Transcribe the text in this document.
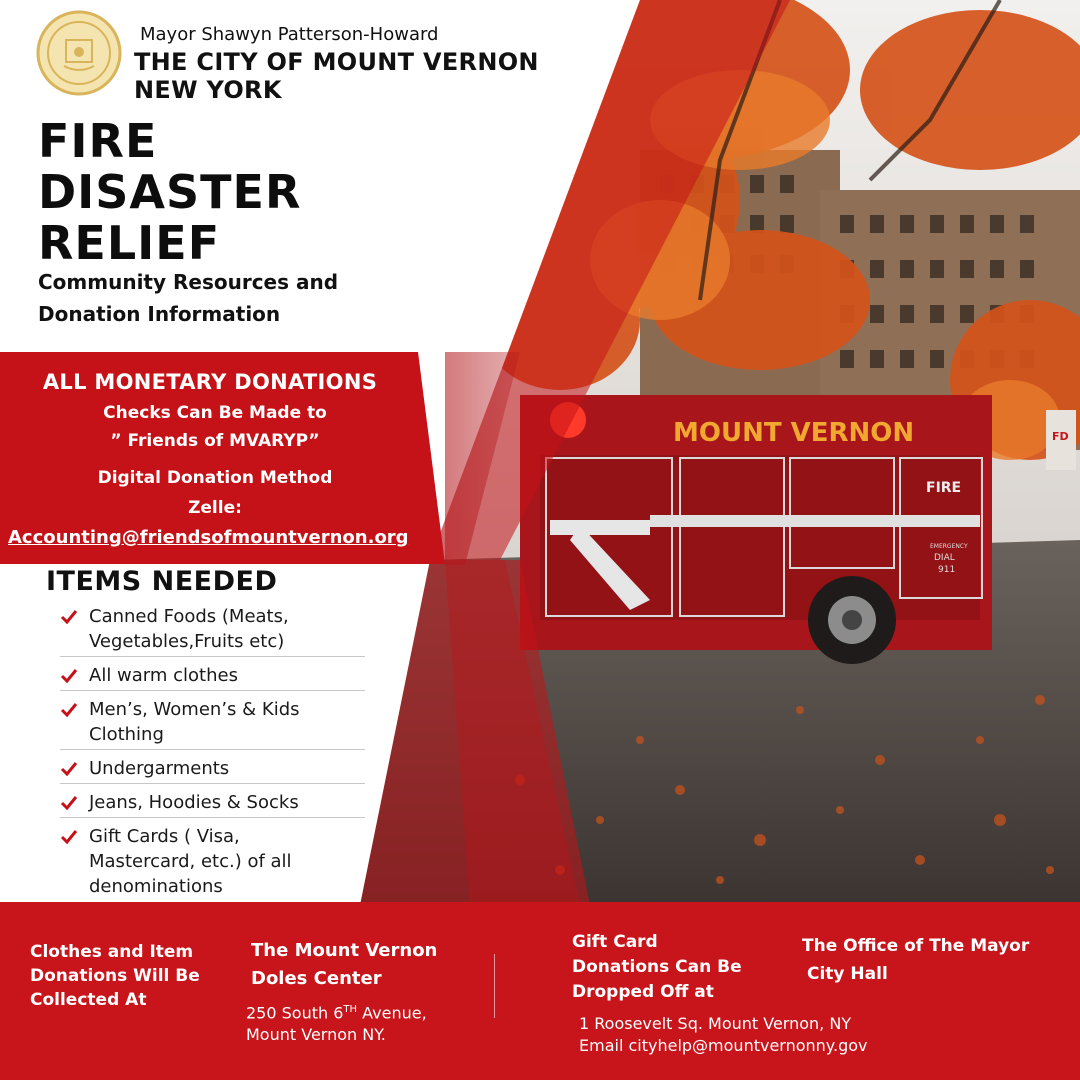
MOUNT VERNON
FIRE
EMERGENCY
DIAL
911
FD
Mayor Shawyn Patterson-Howard
THE CITY OF MOUNT VERNON
NEW YORK
FIRE
DISASTER
RELIEF
Community Resources and
Donation Information
ALL MONETARY DONATIONS
Checks Can Be Made to
” Friends of MVARYP”
Digital Donation Method
Zelle:
Accounting@friendsofmountvernon.org
ITEMS NEEDED
Canned Foods (Meats,
Vegetables,Fruits etc)
All warm clothes
Men’s, Women’s & Kids
Clothing
Undergarments
Jeans, Hoodies & Socks
Gift Cards ( Visa,
Mastercard, etc.) of all
denominations
Clothes and Item
Donations Will Be
Collected At
The Mount Vernon
Doles Center
250 South 6TH Avenue,
Mount Vernon NY.
Gift Card
Donations Can Be
Dropped Off at
The Office of The Mayor
City Hall
1 Roosevelt Sq. Mount Vernon, NY
Email cityhelp@mountvernonny.gov
